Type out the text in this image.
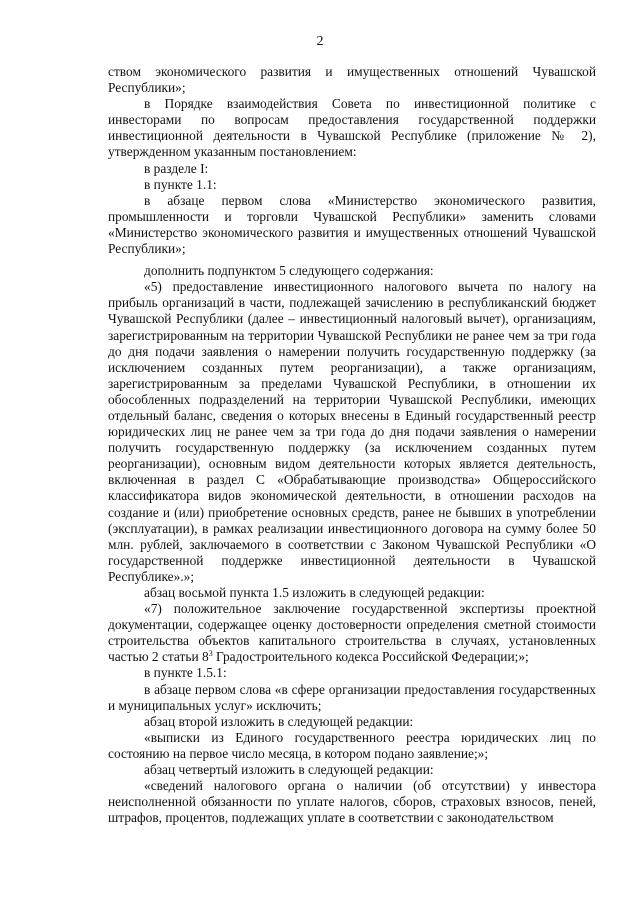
2

ством экономического развития и имущественных отношений Чувашской Республики»;

в Порядке взаимодействия Совета по инвестиционной политике с инвесторами по вопросам предоставления государственной поддержки инвестиционной деятельности в Чувашской Республике (приложение № 2), утвержденном указанным постановлением:

в разделе I:

в пункте 1.1:

в абзаце первом слова «Министерство экономического развития, промышленности и торговли Чувашской Республики» заменить словами «Министерство экономического развития и имущественных отношений Чувашской Республики»;

дополнить подпунктом 5 следующего содержания:

«5) предоставление инвестиционного налогового вычета по налогу на прибыль организаций в части, подлежащей зачислению в республиканский бюджет Чувашской Республики (далее – инвестиционный налоговый вычет), организациям, зарегистрированным на территории Чувашской Республики не ранее чем за три года до дня подачи заявления о намерении получить государственную поддержку (за исключением созданных путем реорганизации), а также организациям, зарегистрированным за пределами Чувашской Республики, в отношении их обособленных подразделений на территории Чувашской Республики, имеющих отдельный баланс, сведения о которых внесены в Единый государственный реестр юридических лиц не ранее чем за три года до дня подачи заявления о намерении получить государственную поддержку (за исключением созданных путем реорганизации), основным видом деятельности которых является деятельность, включенная в раздел C «Обрабатывающие производства» Общероссийского классификатора видов экономической деятельности, в отношении расходов на создание и (или) приобретение основных средств, ранее не бывших в употреблении (эксплуатации), в рамках реализации инвестиционного договора на сумму более 50 млн. рублей, заключаемого в соответствии с Законом Чувашской Республики «О государственной поддержке инвестиционной деятельности в Чувашской Республике».»;

абзац восьмой пункта 1.5 изложить в следующей редакции:

«7) положительное заключение государственной экспертизы проектной документации, содержащее оценку достоверности определения сметной стоимости строительства объектов капитального строительства в случаях, установленных частью 2 статьи $8^3$ Градостроительного кодекса Российской Федерации;»;

в пункте 1.5.1:

в абзаце первом слова «в сфере организации предоставления государственных и муниципальных услуг» исключить;

абзац второй изложить в следующей редакции:

«выписки из Единого государственного реестра юридических лиц по состоянию на первое число месяца, в котором подано заявление;»;

абзац четвертый изложить в следующей редакции:

«сведений налогового органа о наличии (об отсутствии) у инвестора неисполненной обязанности по уплате налогов, сборов, страховых взносов, пеней, штрафов, процентов, подлежащих уплате в соответствии с законодательством
